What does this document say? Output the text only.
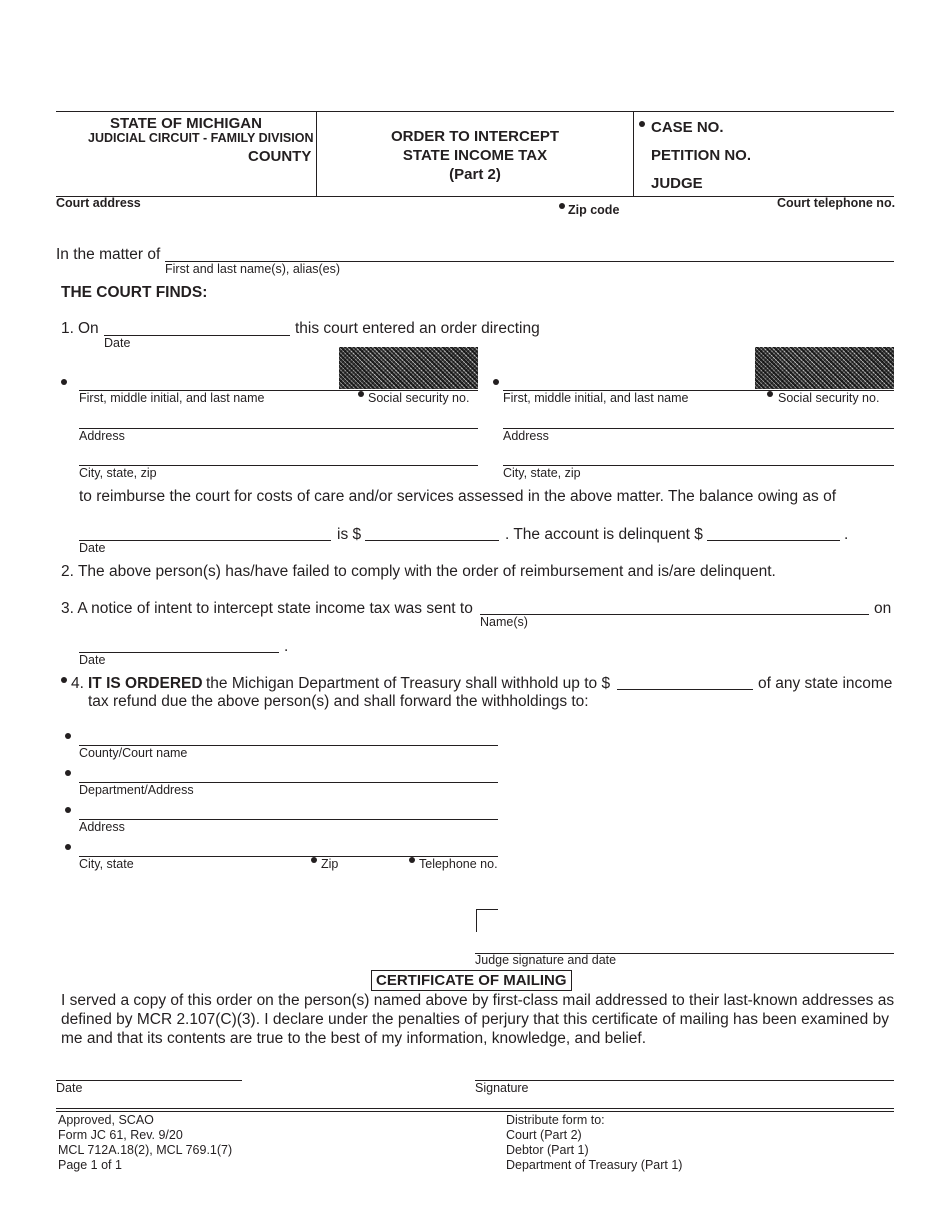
STATE OF MICHIGAN
JUDICIAL CIRCUIT - FAMILY DIVISION
COUNTY
ORDER TO INTERCEPT
STATE INCOME TAX
(Part 2)
CASE NO.
PETITION NO.
JUDGE
Court address	Zip code	Court telephone no.
In the matter of
First and last name(s), alias(es)
THE COURT FINDS:
1. On
Date
this court entered an order directing
First, middle initial, and last name	Social security no.
Address
City, state, zip
First, middle initial, and last name	Social security no.
Address
City, state, zip
to reimburse the court for costs of care and/or services assessed in the above matter. The balance owing as of
Date
is $	. The account is delinquent $	.
2. The above person(s) has/have failed to comply with the order of reimbursement and is/are delinquent.
3. A notice of intent to intercept state income tax was sent to
Name(s)
on
.
Date
4. IT IS ORDERED the Michigan Department of Treasury shall withhold up to $	of any state income
tax refund due the above person(s) and shall forward the withholdings to:
County/Court name
Department/Address
Address
City, state	Zip	Telephone no.
Judge signature and date
CERTIFICATE OF MAILING
I served a copy of this order on the person(s) named above by first-class mail addressed to their last-known addresses as
defined by MCR 2.107(C)(3). I declare under the penalties of perjury that this certificate of mailing has been examined by
me and that its contents are true to the best of my information, knowledge, and belief.
Date	Signature
Approved, SCAO
Form JC 61, Rev. 9/20
MCL 712A.18(2), MCL 769.1(7)
Page 1 of 1
Distribute form to:
Court (Part 2)
Debtor (Part 1)
Department of Treasury (Part 1)
